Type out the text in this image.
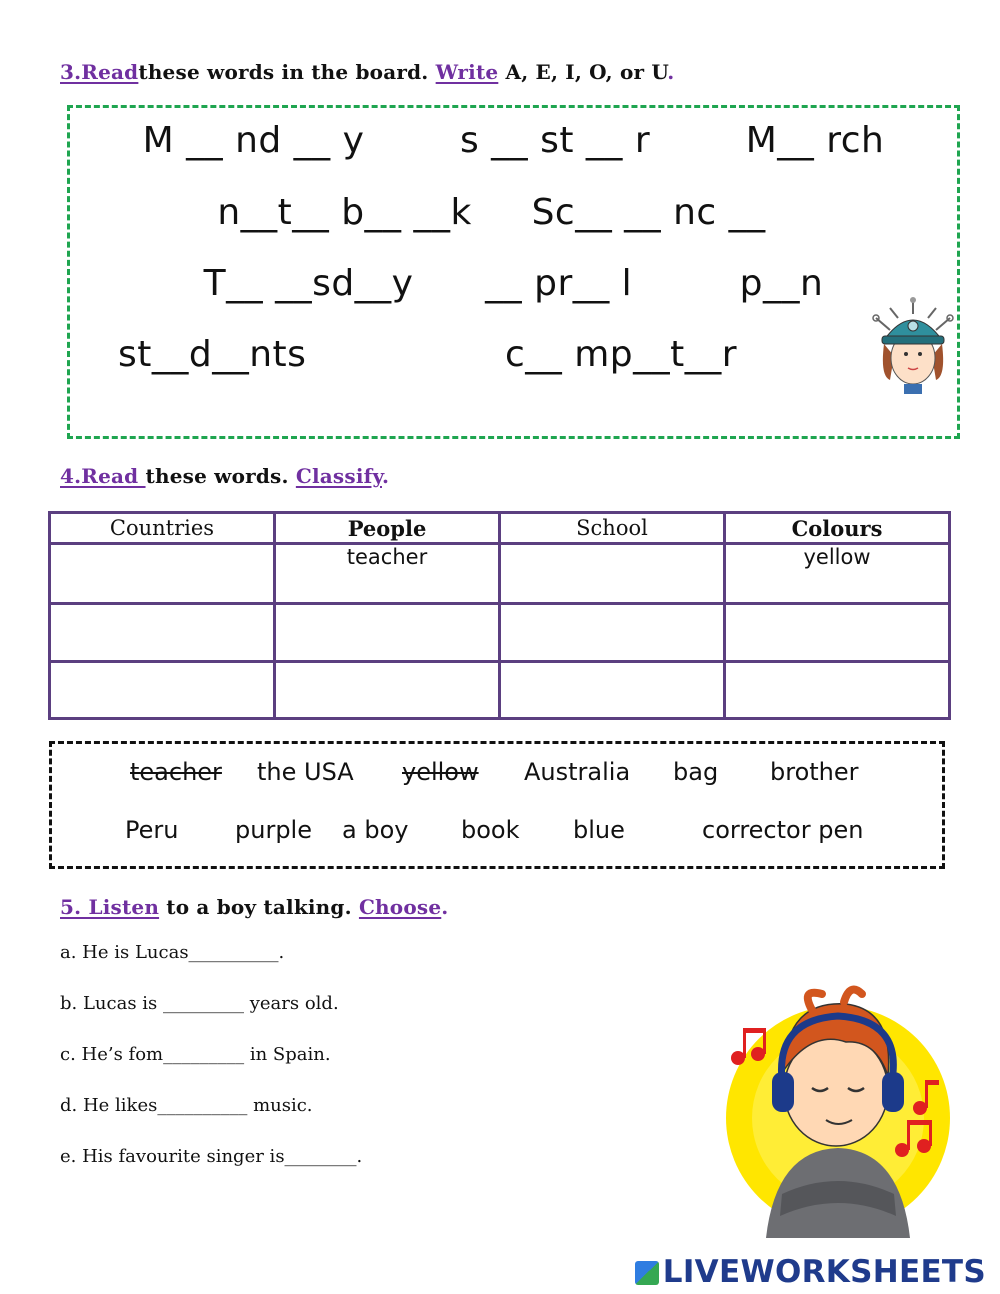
3.Readthese words in the board. Write A, E, I, O, or U.
M __ nd __ y        s __ st __ r        M__ rch
n__t__ b__ __k     Sc__ __ nc __
T__ __sd__y      __ pr__ l         p__n
st__d__nts	c__ mp__t__r
4.Read these words. Classify.
Countries	People	School	Colours
	teacher		yellow

teacher the USA yellow Australia bag brother
Peru purple a boy book blue	corrector pen
5. Listen to a boy talking. Choose.
a. He is Lucas__________.
b. Lucas is _________ years old.
c. He’s fom_________ in Spain.
d. He likes__________ music.
e. His favourite singer is________.
LIVEWORKSHEETS
